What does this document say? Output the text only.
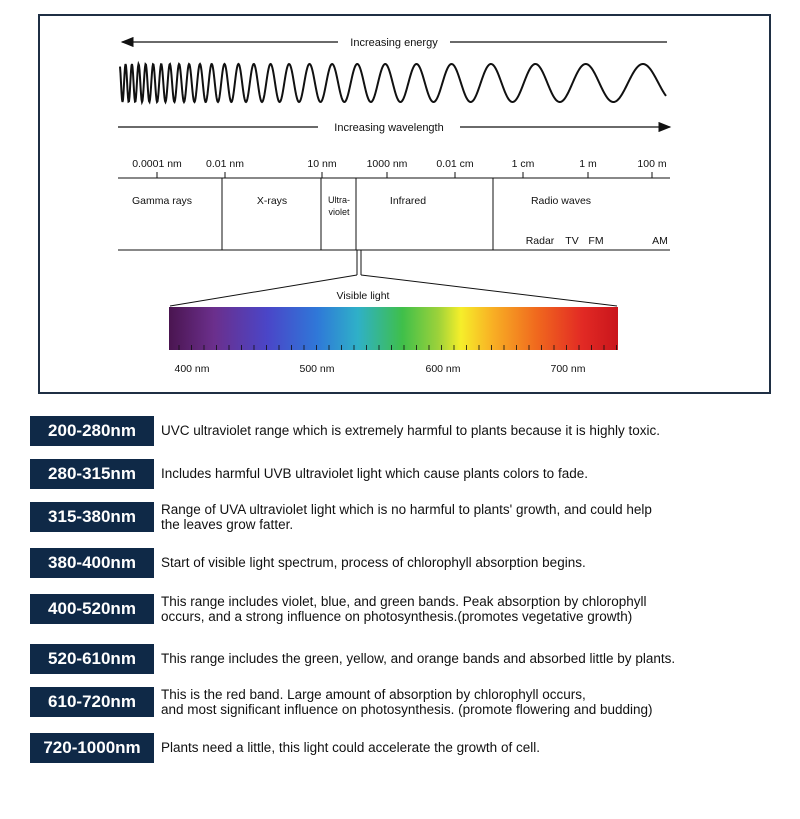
Increasing energy
Increasing wavelength
0.0001 nm 0.01 nm	10 nm	1000 nm	0.01 cm	1 cm	1 m	100 m
Gamma rays	X-rays	Ultra-
violet
Infrared	Radio waves
Radar TV FM	AM
Visible light
400 nm	500 nm	600 nm	700 nm
200-280nm	UVC ultraviolet range which is extremely harmful to plants because it is highly toxic.
280-315nm	Includes harmful UVB ultraviolet light which cause plants colors to fade.
315-380nm	Range of UVA ultraviolet light which is no harmful to plants' growth, and could help
the leaves grow fatter.
380-400nm	Start of visible light spectrum, process of chlorophyll absorption begins.
400-520nm	This range includes violet, blue, and green bands. Peak absorption by chlorophyll
occurs, and a strong influence on photosynthesis.(promotes vegetative growth)
520-610nm	This range includes the green, yellow, and orange bands and absorbed little by plants.
610-720nm	This is the red band. Large amount of absorption by chlorophyll occurs,
and most significant influence on photosynthesis. (promote flowering and budding)
720-1000nm	Plants need a little, this light could accelerate the growth of cell.
